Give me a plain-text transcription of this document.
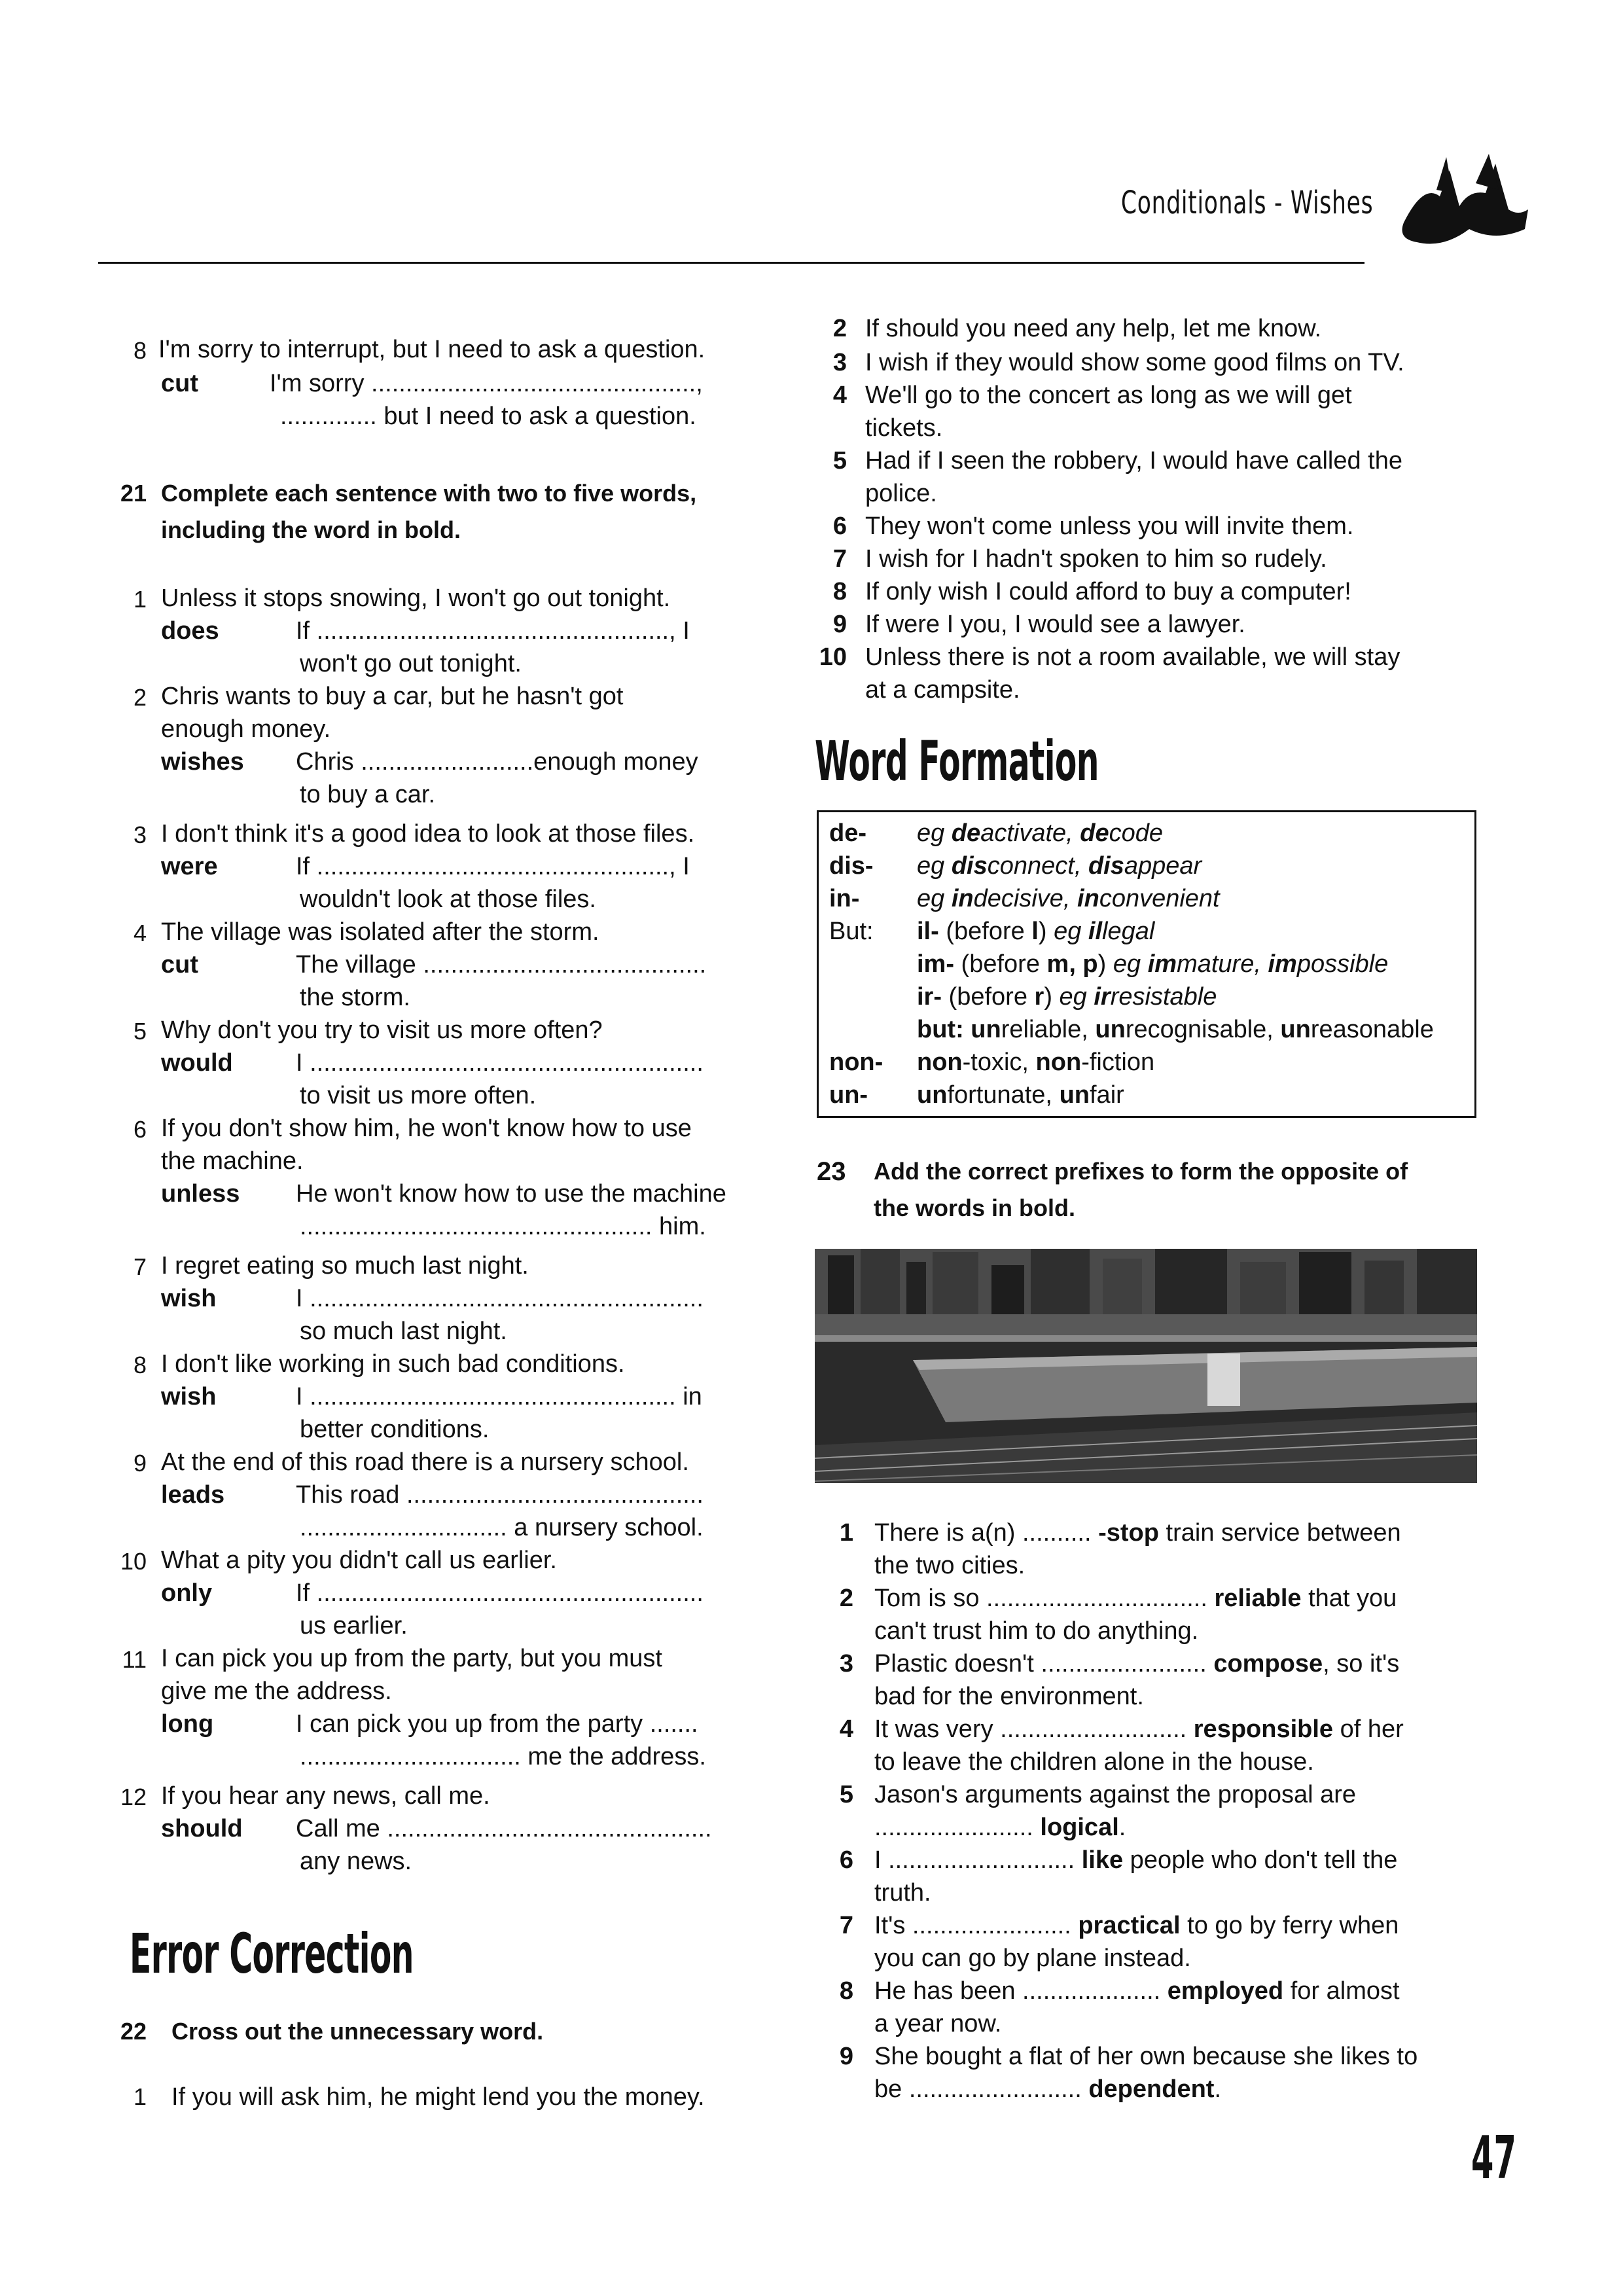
Conditionals - Wishes
8 I'm sorry to interrupt, but I need to ask a question.
cut	I'm sorry ...............................................,
.............. but I need to ask a question.
21 Complete each sentence with two to five words,
including the word in bold.
1 Unless it stops snowing, I won't go out tonight.
does	If ..................................................., I
won't go out tonight.
2 Chris wants to buy a car, but he hasn't got
enough money.
wishes Chris .........................enough money
to buy a car.
3 I don't think it's a good idea to look at those files.
were	If ..................................................., I
wouldn't look at those files.
4 The village was isolated after the storm.
cut	The village .........................................
the storm.
5 Why don't you try to visit us more often?
would	I .........................................................
to visit us more often.
6 If you don't show him, he won't know how to use
the machine.
unless He won't know how to use the machine
................................................... him.
7 I regret eating so much last night.
wish	I .........................................................
so much last night.
8 I don't like working in such bad conditions.
wish	I ..................................................... in
better conditions.
9 At the end of this road there is a nursery school.
leads	This road ...........................................
.............................. a nursery school.
10 What a pity you didn't call us earlier.
only	If ........................................................
us earlier.
11 I can pick you up from the party, but you must
give me the address.
long	I can pick you up from the party .......
................................ me the address.
12 If you hear any news, call me.
should Call me ...............................................
any news.
Error Correction
22 Cross out the unnecessary word.
1 If you will ask him, he might lend you the money.
2 If should you need any help, let me know.
3 I wish if they would show some good films on TV.
4 We'll go to the concert as long as we will get
tickets.
5 Had if I seen the robbery, I would have called the
police.
6 They won't come unless you will invite them.
7 I wish for I hadn't spoken to him so rudely.
8 If only wish I could afford to buy a computer!
9 If were I you, I would see a lawyer.
10 Unless there is not a room available, we will stay
at a campsite.
Word Formation
de- eg deactivate, decode
dis- eg disconnect, disappear
in- eg indecisive, inconvenient
But: il- (before l) eg illegal
im- (before m, p) eg immature, impossible
ir- (before r) eg irresistable
but: unreliable, unrecognisable, unreasonable
non- non-toxic, non-fiction
un- unfortunate, unfair
23 Add the correct prefixes to form the opposite of
the words in bold.
1 There is a(n) .......... -stop train service between
the two cities.
2 Tom is so ................................ reliable that you
can't trust him to do anything.
3 Plastic doesn't ........................ compose, so it's
bad for the environment.
4 It was very ........................... responsible of her
to leave the children alone in the house.
5 Jason's arguments against the proposal are
6 I ........................... like people who don't tell the
truth.
7 It's ....................... practical to go by ferry when
you can go by plane instead.
8 He has been .................... employed for almost
a year now.
9 She bought a flat of her own because she likes to
....................... logical.
be ......................... dependent.
47
